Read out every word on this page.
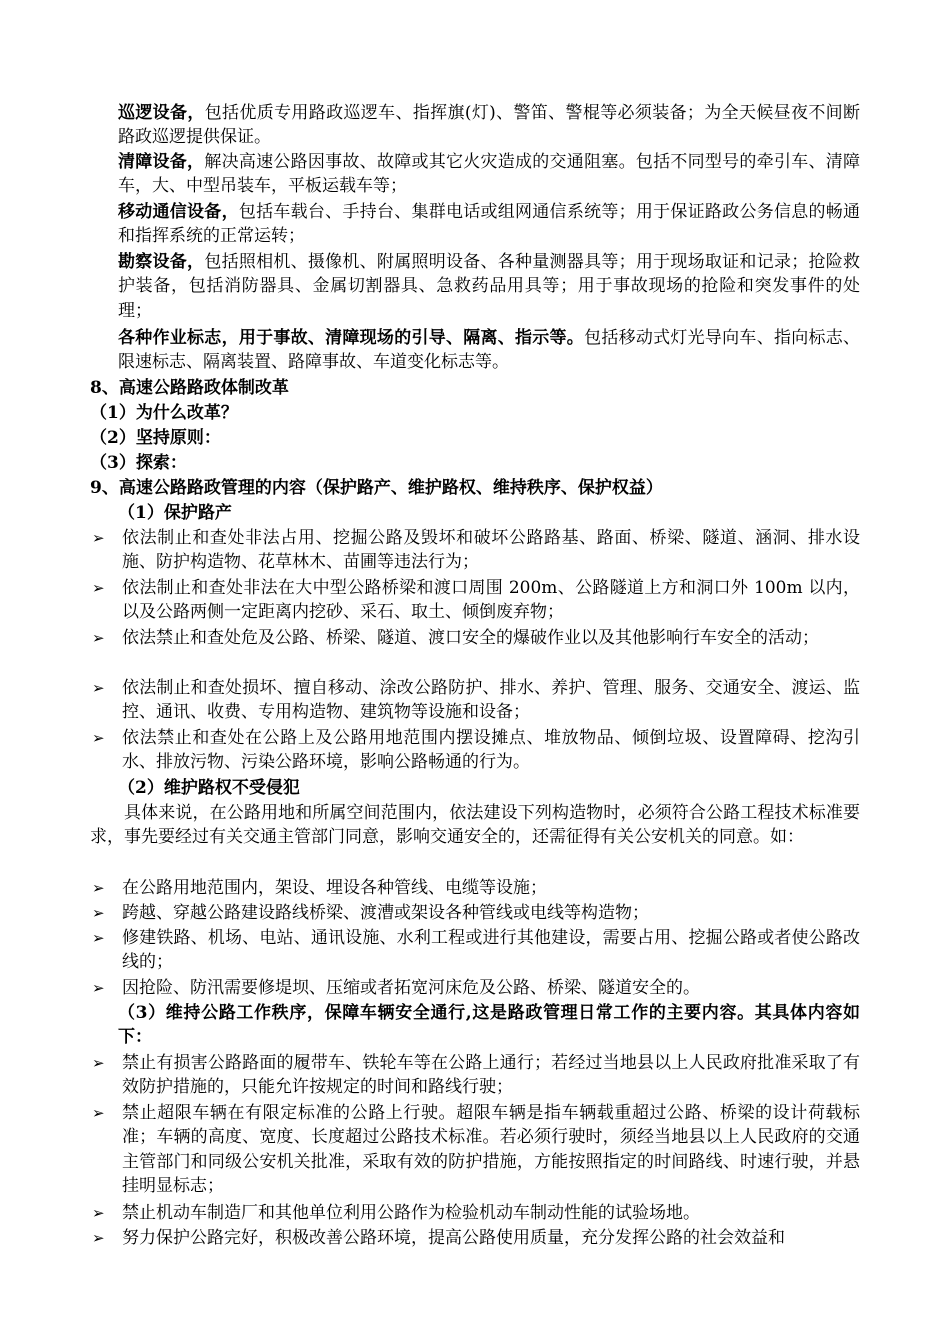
巡逻设备，包括优质专用路政巡逻车、指挥旗(灯)、警笛、警棍等必须装备；为全天候昼夜不间断路政巡逻提供保证。

清障设备，解决高速公路因事故、故障或其它火灾造成的交通阻塞。包括不同型号的牵引车、清障车，大、中型吊装车，平板运载车等；

移动通信设备，包括车载台、手持台、集群电话或组网通信系统等；用于保证路政公务信息的畅通和指挥系统的正常运转；

勘察设备，包括照相机、摄像机、附属照明设备、各种量测器具等；用于现场取证和记录；抢险救护装备，包括消防器具、金属切割器具、急救药品用具等；用于事故现场的抢险和突发事件的处理；

各种作业标志，用于事故、清障现场的引导、隔离、指示等。包括移动式灯光导向车、指向标志、限速标志、隔离装置、路障事故、车道变化标志等。

8、高速公路路政体制改革

（1）为什么改革？

（2）坚持原则：

（3）探索：

9、高速公路路政管理的内容（保护路产、维护路权、维持秩序、保护权益）

（1）保护路产

➢ 依法制止和查处非法占用、挖掘公路及毁坏和破坏公路路基、路面、桥梁、隧道、涵洞、排水设施、防护构造物、花草林木、苗圃等违法行为；
➢ 依法制止和查处非法在大中型公路桥梁和渡口周围 200m、公路隧道上方和洞口外 100m 以内，以及公路两侧一定距离内挖砂、采石、取土、倾倒废弃物；
➢ 依法禁止和查处危及公路、桥梁、隧道、渡口安全的爆破作业以及其他影响行车安全的活动；
➢ 依法制止和查处损坏、擅自移动、涂改公路防护、排水、养护、管理、服务、交通安全、渡运、监控、通讯、收费、专用构造物、建筑物等设施和设备；
➢ 依法禁止和查处在公路上及公路用地范围内摆设摊点、堆放物品、倾倒垃圾、设置障碍、挖沟引水、排放污物、污染公路环境，影响公路畅通的行为。

（2）维护路权不受侵犯

具体来说，在公路用地和所属空间范围内，依法建设下列构造物时，必须符合公路工程技术标准要求，事先要经过有关交通主管部门同意，影响交通安全的，还需征得有关公安机关的同意。如：

➢ 在公路用地范围内，架设、埋设各种管线、电缆等设施；
➢ 跨越、穿越公路建设路线桥梁、渡漕或架设各种管线或电线等构造物；
➢ 修建铁路、机场、电站、通讯设施、水利工程或进行其他建设，需要占用、挖掘公路或者使公路改线的；
➢ 因抢险、防汛需要修堤坝、压缩或者拓宽河床危及公路、桥梁、隧道安全的。

（3）维持公路工作秩序，保障车辆安全通行,这是路政管理日常工作的主要内容。其具体内容如下：

➢ 禁止有损害公路路面的履带车、铁轮车等在公路上通行；若经过当地县以上人民政府批准采取了有效防护措施的，只能允许按规定的时间和路线行驶；
➢ 禁止超限车辆在有限定标准的公路上行驶。超限车辆是指车辆载重超过公路、桥梁的设计荷载标准；车辆的高度、宽度、长度超过公路技术标准。若必须行驶时，须经当地县以上人民政府的交通主管部门和同级公安机关批准，采取有效的防护措施，方能按照指定的时间路线、时速行驶，并悬挂明显标志；
➢ 禁止机动车制造厂和其他单位利用公路作为检验机动车制动性能的试验场地。
➢ 努力保护公路完好，积极改善公路环境，提高公路使用质量，充分发挥公路的社会效益和
